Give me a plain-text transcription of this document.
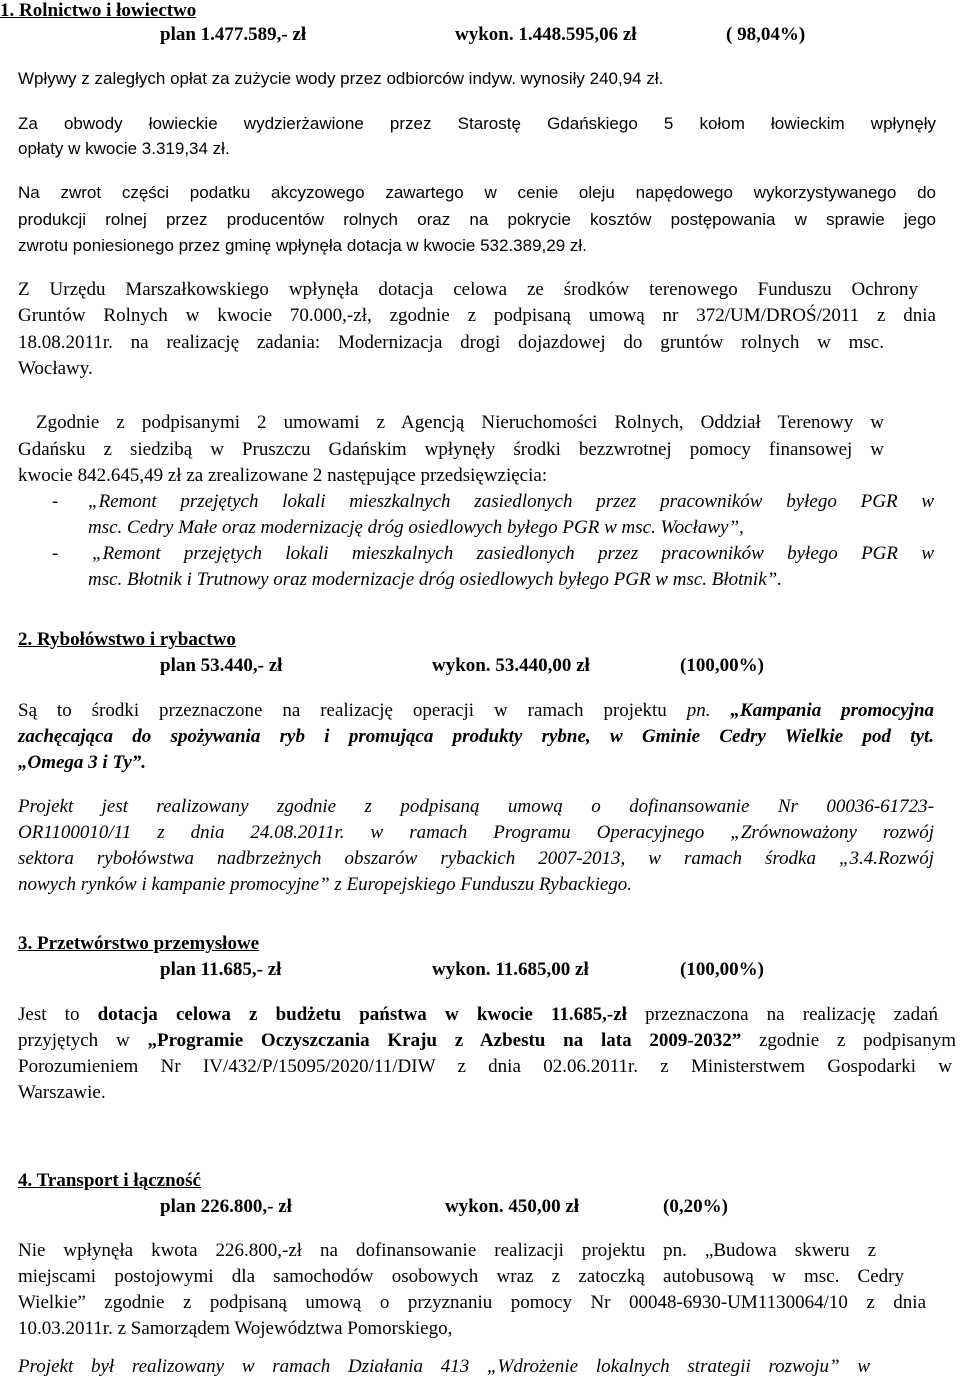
1. Rolnictwo i łowiectwo
plan 1.477.589,- zł	wykon. 1.448.595,06 zł	( 98,04%)
Wpływy z zaległych opłat za zużycie wody przez odbiorców indyw. wynosiły 240,94 zł.
Za obwody łowieckie wydzierżawione przez Starostę Gdańskiego 5 kołom łowieckim wpłynęły
opłaty w kwocie 3.319,34 zł.
Na zwrot części podatku akcyzowego zawartego w cenie oleju napędowego wykorzystywanego do
produkcji rolnej przez producentów rolnych oraz na pokrycie kosztów postępowania w sprawie jego
zwrotu poniesionego przez gminę wpłynęła dotacja w kwocie 532.389,29 zł.
Z Urzędu Marszałkowskiego wpłynęła dotacja celowa ze środków terenowego Funduszu Ochrony
Gruntów Rolnych w kwocie 70.000,-zł, zgodnie z podpisaną umową nr 372/UM/DROŚ/2011 z dnia
18.08.2011r. na realizację zadania: Modernizacja drogi dojazdowej do gruntów rolnych w msc.
Wocławy.
Zgodnie z podpisanymi 2 umowami z Agencją Nieruchomości Rolnych, Oddział Terenowy w
Gdańsku z siedzibą w Pruszczu Gdańskim wpłynęły środki bezzwrotnej pomocy finansowej w
kwocie 842.645,49 zł za zrealizowane 2 następujące przedsięwzięcia:
- „Remont przejętych lokali mieszkalnych zasiedlonych przez pracowników byłego PGR w
msc. Cedry Małe oraz modernizację dróg osiedlowych byłego PGR w msc. Wocławy”,
- „Remont przejętych lokali mieszkalnych zasiedlonych przez pracowników byłego PGR w
msc. Błotnik i Trutnowy oraz modernizacje dróg osiedlowych byłego PGR w msc. Błotnik”.
2. Rybołówstwo i rybactwo
plan 53.440,- zł	wykon. 53.440,00 zł	(100,00%)
Są to środki przeznaczone na realizację operacji w ramach projektu pn. „Kampania promocyjna
zachęcająca do spożywania ryb i promująca produkty rybne, w Gminie Cedry Wielkie pod tyt.
„Omega 3 i Ty”.
Projekt jest realizowany zgodnie z podpisaną umową o dofinansowanie Nr 00036-61723-
OR1100010/11 z dnia 24.08.2011r. w ramach Programu Operacyjnego „Zrównoważony rozwój
sektora rybołówstwa nadbrzeżnych obszarów rybackich 2007-2013, w ramach środka „3.4.Rozwój
nowych rynków i kampanie promocyjne” z Europejskiego Funduszu Rybackiego.
3. Przetwórstwo przemysłowe
plan 11.685,- zł	wykon. 11.685,00 zł	(100,00%)
Jest to dotacja celowa z budżetu państwa w kwocie 11.685,-zł przeznaczona na realizację zadań
przyjętych w „Programie Oczyszczania Kraju z Azbestu na lata 2009-2032” zgodnie z podpisanym
Porozumieniem Nr IV/432/P/15095/2020/11/DIW z dnia 02.06.2011r. z Ministerstwem Gospodarki w
Warszawie.
4. Transport i łączność
plan 226.800,- zł	wykon. 450,00 zł	(0,20%)
Nie wpłynęła kwota 226.800,-zł na dofinansowanie realizacji projektu pn. „Budowa skweru z
miejscami postojowymi dla samochodów osobowych wraz z zatoczką autobusową w msc. Cedry
Wielkie” zgodnie z podpisaną umową o przyznaniu pomocy Nr 00048-6930-UM1130064/10 z dnia
10.03.2011r. z Samorządem Województwa Pomorskiego,
Projekt był realizowany w ramach Działania 413 „Wdrożenie lokalnych strategii rozwoju” w
